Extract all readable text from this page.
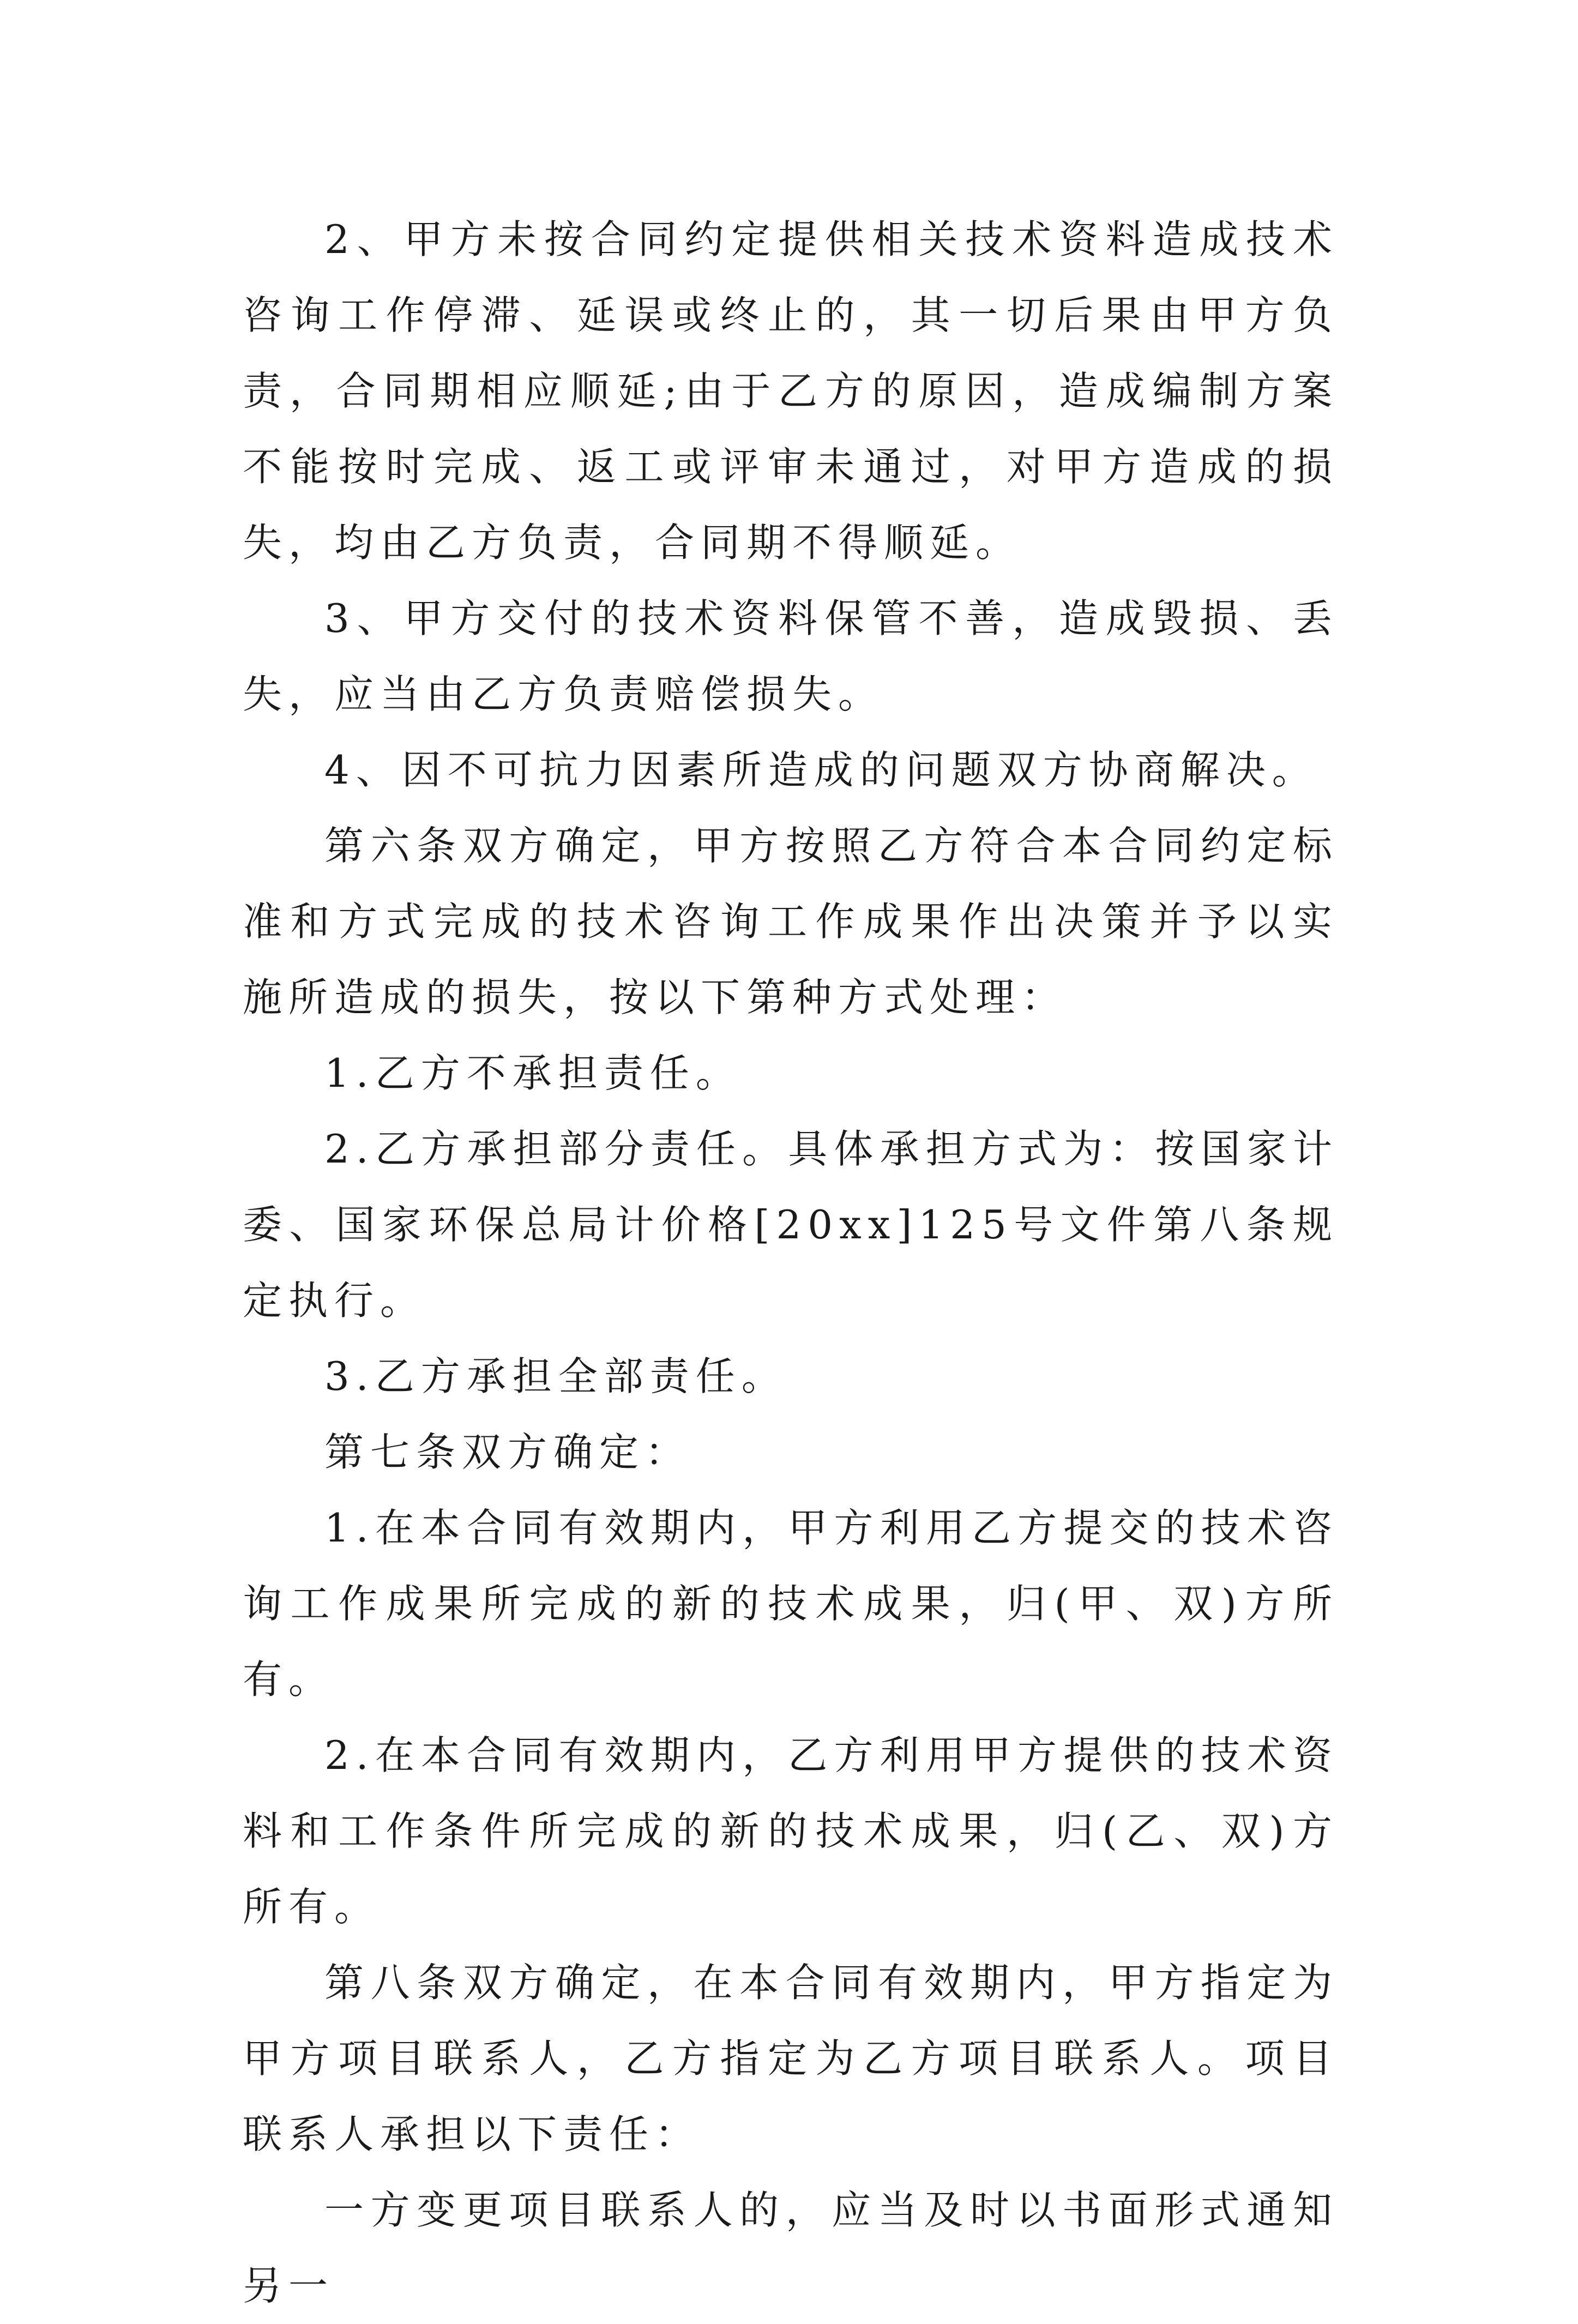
2、甲方未按合同约定提供相关技术资料造成技术咨询工作停滞、延误或终止的，其一切后果由甲方负责，合同期相应顺延;由于乙方的原因，造成编制方案不能按时完成、返工或评审未通过，对甲方造成的损失，均由乙方负责，合同期不得顺延。

3、甲方交付的技术资料保管不善，造成毁损、丢失，应当由乙方负责赔偿损失。

4、因不可抗力因素所造成的问题双方协商解决。

第六条双方确定，甲方按照乙方符合本合同约定标准和方式完成的技术咨询工作成果作出决策并予以实施所造成的损失，按以下第种方式处理：

1.乙方不承担责任。

2.乙方承担部分责任。具体承担方式为：按国家计委、国家环保总局计价格[20xx]125号文件第八条规定执行。

3.乙方承担全部责任。

第七条双方确定：

1.在本合同有效期内，甲方利用乙方提交的技术咨询工作成果所完成的新的技术成果，归(甲、双)方所有。

2.在本合同有效期内，乙方利用甲方提供的技术资料和工作条件所完成的新的技术成果，归(乙、双)方所有。

第八条双方确定，在本合同有效期内，甲方指定为甲方项目联系人，乙方指定为乙方项目联系人。项目联系人承担以下责任：

一方变更项目联系人的，应当及时以书面形式通知另一
